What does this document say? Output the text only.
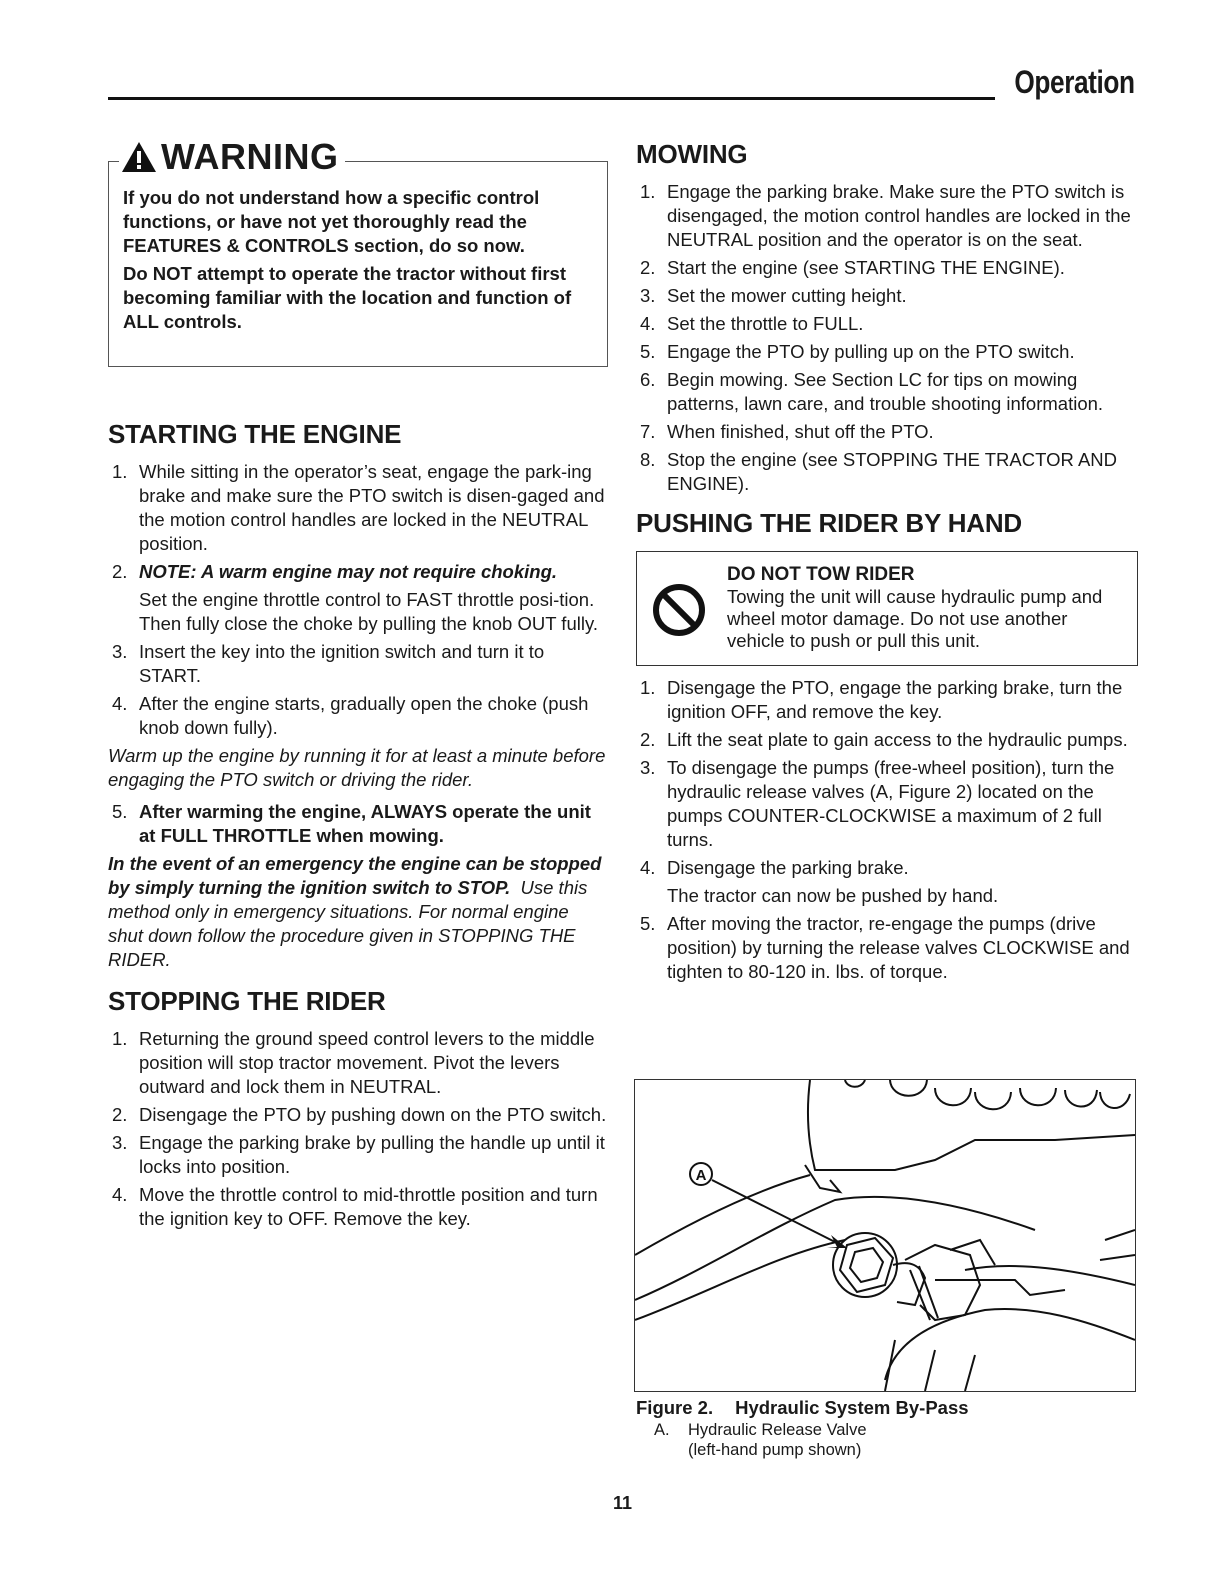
Operation
WARNING

If you do not understand how a specific control functions, or have not yet thoroughly read the FEATURES & CONTROLS section, do so now.

Do NOT attempt to operate the tractor without first becoming familiar with the location and function of ALL controls.

STARTING THE ENGINE
1. While sitting in the operator’s seat, engage the park-ing brake and make sure the PTO switch is disen-gaged and the motion control handles are locked in the NEUTRAL position.
2. NOTE: A warm engine may not require choking.
Set the engine throttle control to FAST throttle posi-tion. Then fully close the choke by pulling the knob OUT fully.
3. Insert the key into the ignition switch and turn it to START.
4. After the engine starts, gradually open the choke (push knob down fully).

Warm up the engine by running it for at least a minute before engaging the PTO switch or driving the rider.

5. After warming the engine, ALWAYS operate the unit at FULL THROTTLE when mowing.

In the event of an emergency the engine can be stopped by simply turning the ignition switch to STOP. Use this method only in emergency situations. For normal engine shut down follow the procedure given in STOPPING THE RIDER.

STOPPING THE RIDER
1. Returning the ground speed control levers to the middle position will stop tractor movement. Pivot the levers outward and lock them in NEUTRAL.
2. Disengage the PTO by pushing down on the PTO switch.
3. Engage the parking brake by pulling the handle up until it locks into position.
4. Move the throttle control to mid-throttle position and turn the ignition key to OFF. Remove the key.
MOWING
1. Engage the parking brake. Make sure the PTO switch is disengaged, the motion control handles are locked in the NEUTRAL position and the operator is on the seat.
2. Start the engine (see STARTING THE ENGINE).
3. Set the mower cutting height.
4. Set the throttle to FULL.
5. Engage the PTO by pulling up on the PTO switch.
6. Begin mowing. See Section LC for tips on mowing patterns, lawn care, and trouble shooting information.
7. When finished, shut off the PTO.
8. Stop the engine (see STOPPING THE TRACTOR AND ENGINE).
PUSHING THE RIDER BY HAND
DO NOT TOW RIDER
Towing the unit will cause hydraulic pump and wheel motor damage. Do not use another vehicle to push or pull this unit.
1. Disengage the PTO, engage the parking brake, turn the ignition OFF, and remove the key.
2. Lift the seat plate to gain access to the hydraulic pumps.
3. To disengage the pumps (free-wheel position), turn the hydraulic release valves (A, Figure 2) located on the pumps COUNTER-CLOCKWISE a maximum of 2 full turns.
4. Disengage the parking brake.
The tractor can now be pushed by hand.
5. After moving the tractor, re-engage the pumps (drive position) by turning the release valves CLOCKWISE and tighten to 80-120 in. lbs. of torque.
A
Figure 2. Hydraulic System By-Pass
A. Hydraulic Release Valve
(left-hand pump shown)
11
